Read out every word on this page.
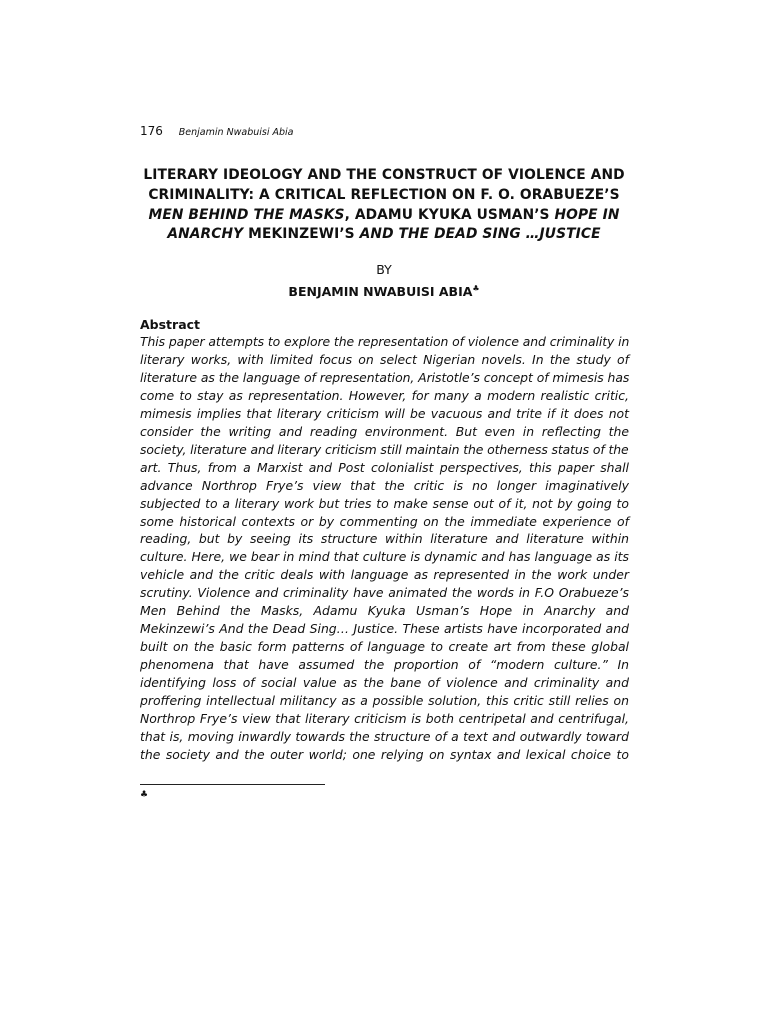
176 Benjamin Nwabuisi Abia
LITERARY IDEOLOGY AND THE CONSTRUCT OF VIOLENCE AND
CRIMINALITY: A CRITICAL REFLECTION ON F. O. ORABUEZE’S
MEN BEHIND THE MASKS, ADAMU KYUKA USMAN’S HOPE IN
ANARCHY MEKINZEWI’S AND THE DEAD SING …JUSTICE
BY
BENJAMIN NWABUISI ABIA♣
Abstract
This paper attempts to explore the representation of violence and criminality in
literary works, with limited focus on select Nigerian novels. In the study of
literature as the language of representation, Aristotle’s concept of mimesis has
come to stay as representation. However, for many a modern realistic critic,
mimesis implies that literary criticism will be vacuous and trite if it does not
consider the writing and reading environment. But even in reflecting the
society, literature and literary criticism still maintain the otherness status of the
art. Thus, from a Marxist and Post colonialist perspectives, this paper shall
advance Northrop Frye’s view that the critic is no longer imaginatively
subjected to a literary work but tries to make sense out of it, not by going to
some historical contexts or by commenting on the immediate experience of
reading, but by seeing its structure within literature and literature within
culture. Here, we bear in mind that culture is dynamic and has language as its
vehicle and the critic deals with language as represented in the work under
scrutiny. Violence and criminality have animated the words in F.O Orabueze’s
Men Behind the Masks, Adamu Kyuka Usman’s Hope in Anarchy and
Mekinzewi’s And the Dead Sing… Justice. These artists have incorporated and
built on the basic form patterns of language to create art from these global
phenomena that have assumed the proportion of “modern culture.” In
identifying loss of social value as the bane of violence and criminality and
proffering intellectual militancy as a possible solution, this critic still relies on
Northrop Frye’s view that literary criticism is both centripetal and centrifugal,
that is, moving inwardly towards the structure of a text and outwardly toward
the society and the outer world; one relying on syntax and lexical choice to
♣
